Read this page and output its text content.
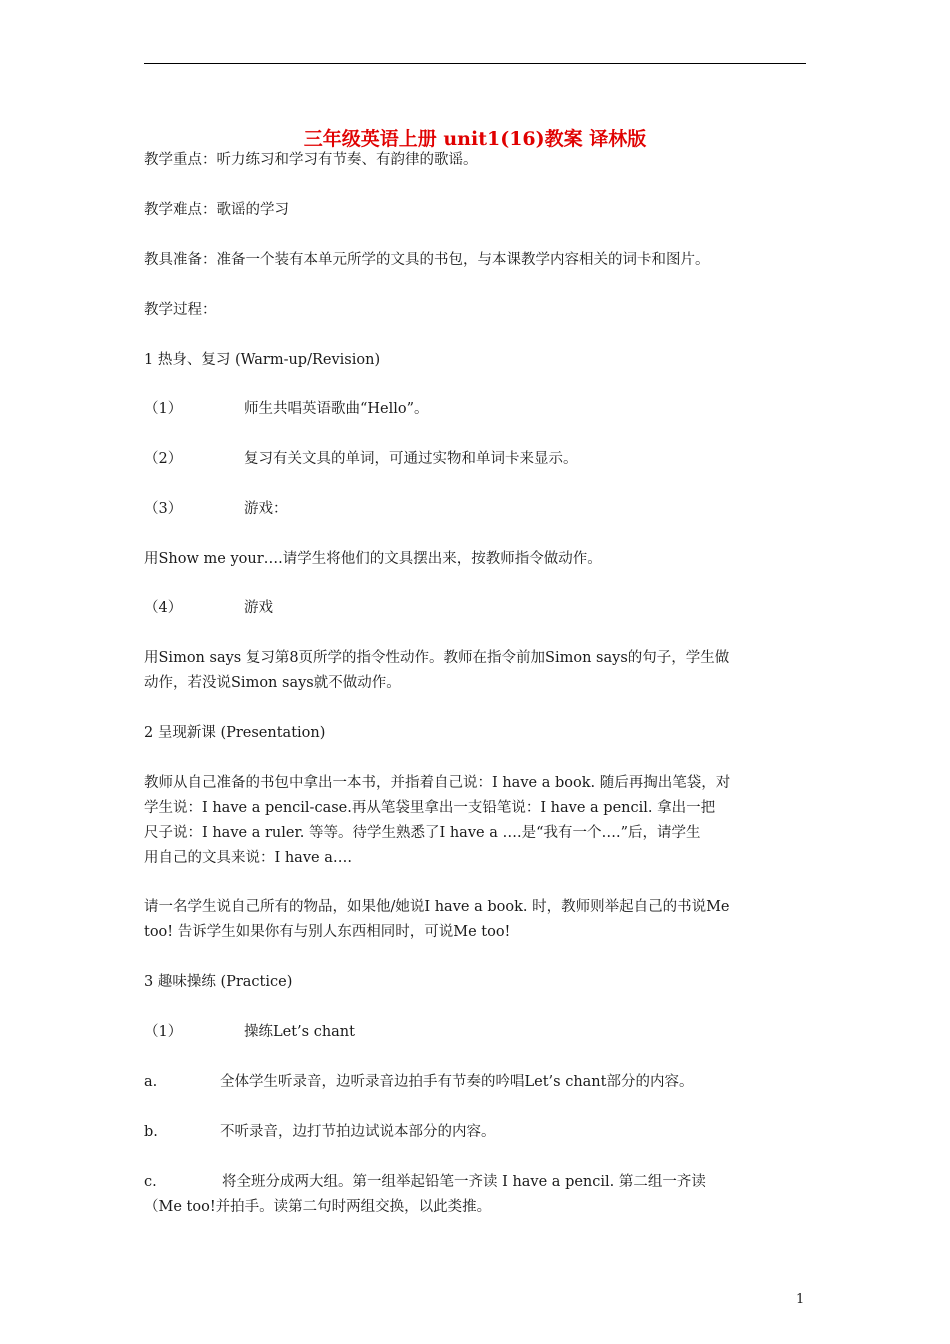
三年级英语上册 unit1(16)教案 译林版
教学重点：听力练习和学习有节奏、有韵律的歌谣。
教学难点：歌谣的学习
教具准备：准备一个装有本单元所学的文具的书包，与本课教学内容相关的词卡和图片。
教学过程：
1 热身、复习 (Warm-up/Revision)
（1）	师生共唱英语歌曲“Hello”。
（2）	复习有关文具的单词，可通过实物和单词卡来显示。
（3）	游戏：
用Show me your….请学生将他们的文具摆出来，按教师指令做动作。
（4）	游戏
用Simon says 复习第8页所学的指令性动作。教师在指令前加Simon says的句子，学生做
动作，若没说Simon says就不做动作。
2 呈现新课 (Presentation)
教师从自己准备的书包中拿出一本书，并指着自己说：I have a book. 随后再掏出笔袋，对
学生说：I have a pencil-case.再从笔袋里拿出一支铅笔说：I have a pencil. 拿出一把
尺子说：I have a ruler. 等等。待学生熟悉了I have a ….是“我有一个….”后，请学生
用自己的文具来说：I have a….
请一名学生说自己所有的物品，如果他/她说I have a book. 时，教师则举起自己的书说Me
too! 告诉学生如果你有与别人东西相同时，可说Me too!
3 趣味操练 (Practice)
（1）	操练Let’s chant
a.	全体学生听录音，边听录音边拍手有节奏的吟唱Let’s chant部分的内容。
b.	不听录音，边打节拍边试说本部分的内容。
c.	将全班分成两大组。第一组举起铅笔一齐读 I have a pencil. 第二组一齐读
（Me too!并拍手。读第二句时两组交换，以此类推。
1
